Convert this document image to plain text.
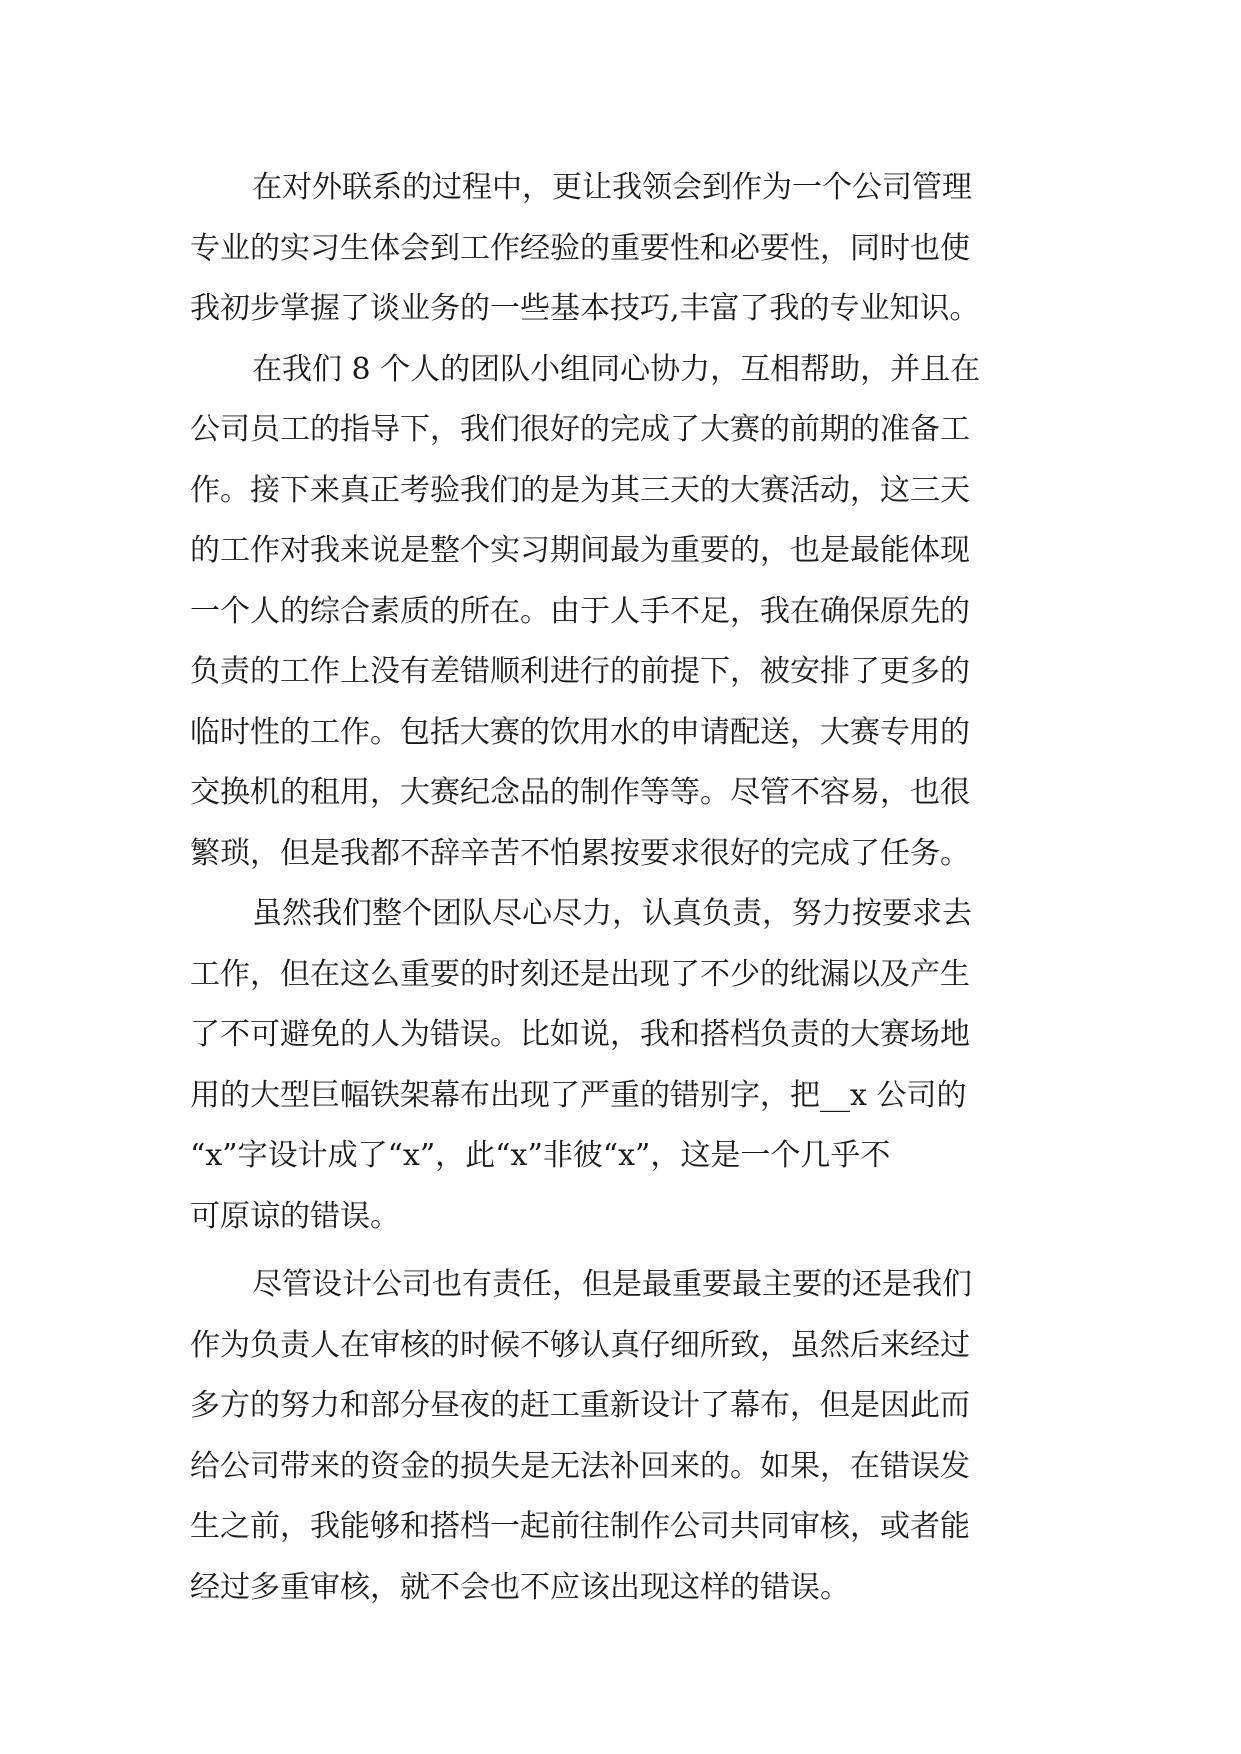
在对外联系的过程中，更让我领会到作为一个公司管理

专业的实习生体会到工作经验的重要性和必要性，同时也使

我初步掌握了谈业务的一些基本技巧,丰富了我的专业知识。

在我们 8 个人的团队小组同心协力，互相帮助，并且在

公司员工的指导下，我们很好的完成了大赛的前期的准备工

作。接下来真正考验我们的是为其三天的大赛活动，这三天

的工作对我来说是整个实习期间最为重要的，也是最能体现

一个人的综合素质的所在。由于人手不足，我在确保原先的

负责的工作上没有差错顺利进行的前提下，被安排了更多的

临时性的工作。包括大赛的饮用水的申请配送，大赛专用的

交换机的租用，大赛纪念品的制作等等。尽管不容易，也很

繁琐，但是我都不辞辛苦不怕累按要求很好的完成了任务。

虽然我们整个团队尽心尽力，认真负责，努力按要求去

工作，但在这么重要的时刻还是出现了不少的纰漏以及产生

了不可避免的人为错误。比如说，我和搭档负责的大赛场地

用的大型巨幅铁架幕布出现了严重的错别字，把__x 公司的

“x”字设计成了“x”，此“x”非彼“x”，这是一个几乎不

可原谅的错误。

尽管设计公司也有责任，但是最重要最主要的还是我们

作为负责人在审核的时候不够认真仔细所致，虽然后来经过

多方的努力和部分昼夜的赶工重新设计了幕布，但是因此而

给公司带来的资金的损失是无法补回来的。如果，在错误发

生之前，我能够和搭档一起前往制作公司共同审核，或者能

经过多重审核，就不会也不应该出现这样的错误。
